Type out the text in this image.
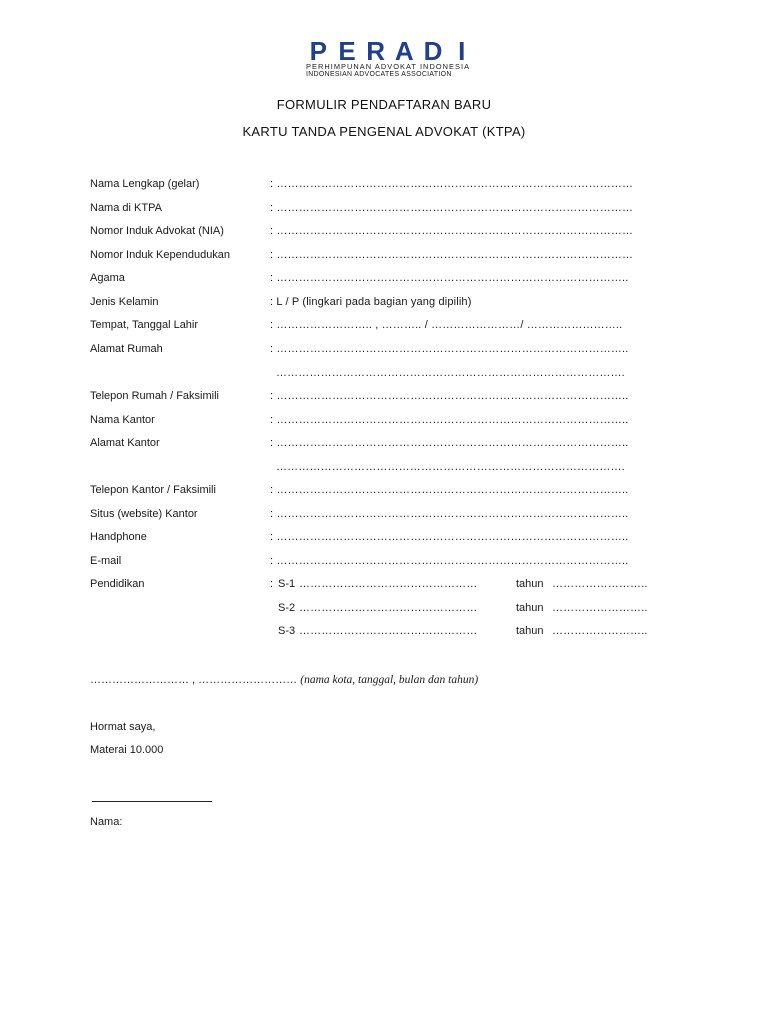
P E R A D I
PERHIMPUNAN ADVOKAT INDONESIA
INDONESIAN ADVOCATES ASSOCIATION
FORMULIR PENDAFTARAN BARU
KARTU TANDA PENGENAL ADVOKAT (KTPA)
Nama Lengkap (gelar)	: ……………………………………………………………………………………
Nama di KTPA	: ……………………………………………………………………………………
Nomor Induk Advokat (NIA)	: ……………………………………………………………………………………
Nomor Induk Kependudukan	: ……………………………………………………………………………………
Agama	: …………………………………………………………………………………..
Jenis Kelamin	: L / P (lingkari pada bagian yang dipilih)
Tempat, Tanggal Lahir	: …………………….. , ……….. / ……………………/ ……………………..
Alamat Rumah	: …………………………………………………………………………………..
………………………………………………………………………………….
Telepon Rumah / Faksimili	: …………………………………………………………………………………..
Nama Kantor	: …………………………………………………………………………………..
Alamat Kantor	: …………………………………………………………………………………..
………………………………………………………………………………….
Telepon Kantor / Faksimili	: …………………………………………………………………………………..
Situs (website) Kantor	: …………………………………………………………………………………..
Handphone	: …………………………………………………………………………………..
E-mail	: …………………………………………………………………………………..
Pendidikan	: S-1 …………………………………………	tahun ……………………..
S-2 …………………………………………	tahun ……………………..
S-3 …………………………………………	tahun ……………………..
……………………… , ……………………… (nama kota, tanggal, bulan dan tahun)
Hormat saya,
Materai 10.000
Nama:
